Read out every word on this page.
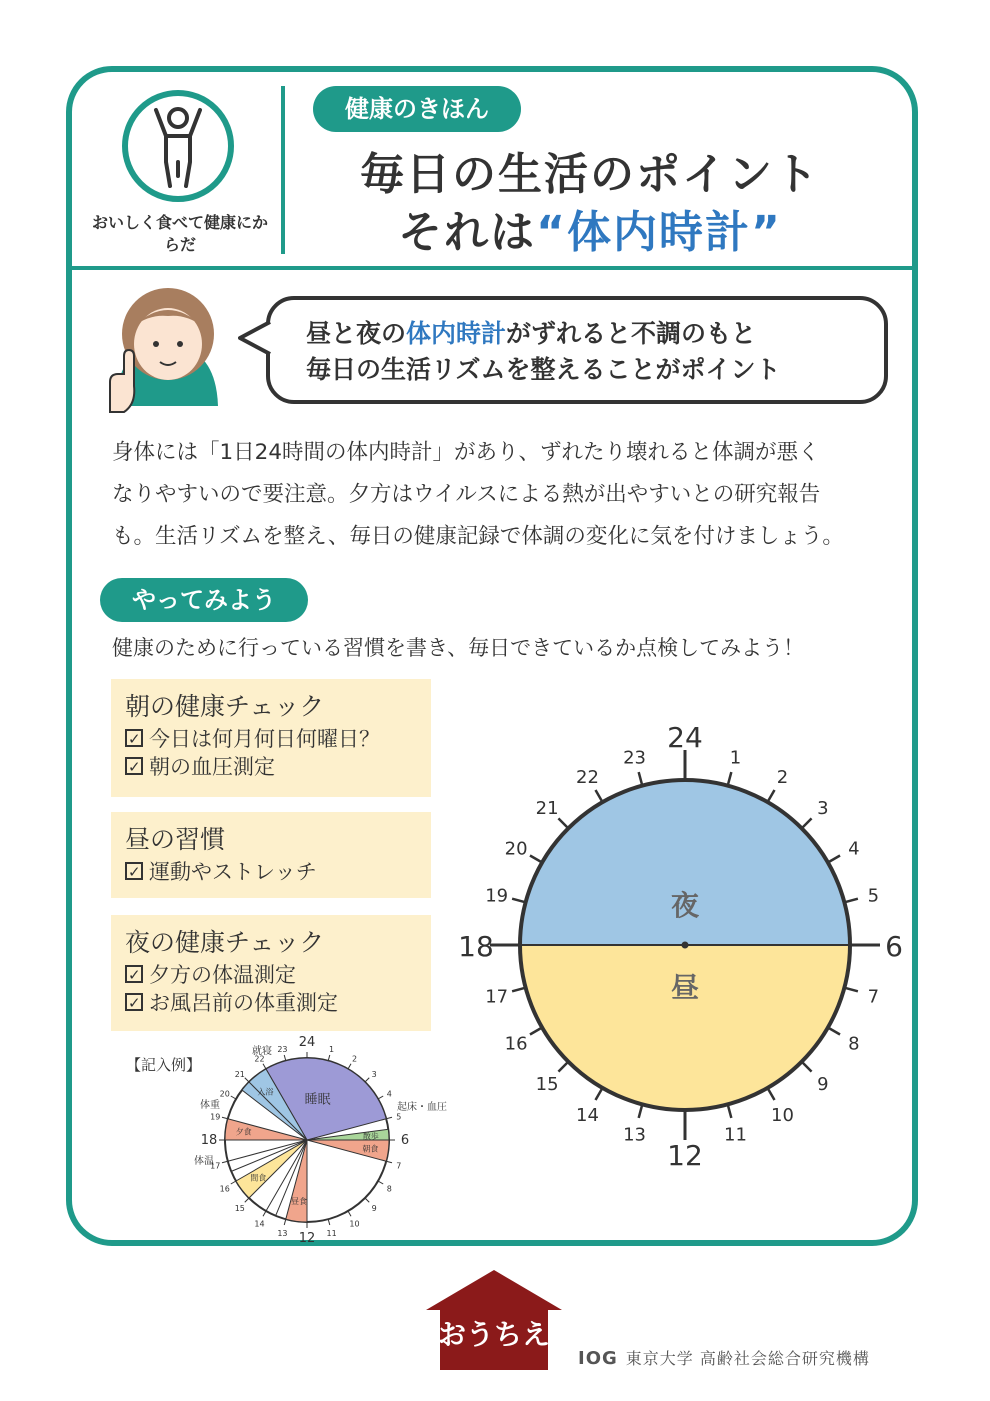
おいしく食べて健康にからだ
健康のきほん
毎日の生活のポイント
それは“体内時計”
昼と夜の体内時計がずれると不調のもと
毎日の生活リズムを整えることがポイント
身体には「1日24時間の体内時計」があり、ずれたり壊れると体調が悪く
なりやすいので要注意。夕方はウイルスによる熱が出やすいとの研究報告
も。生活リズムを整え、毎日の健康記録で体調の変化に気を付けましょう。
やってみよう
健康のために行っている習慣を書き、毎日できているか点検してみよう！
朝の健康チェック
✓今日は何月何日何曜日？
✓朝の血圧測定
昼の習慣
✓運動やストレッチ
夜の健康チェック
✓夕方の体温測定
✓お風呂前の体重測定
24
1
2
3
4
5
6
7
8
9
10
11
12
13
14
15
16
17
18
19
20
21
22
23
夜
昼
【記入例】
24 1
2
3
4
5
6
7
8
9
10
11
12
13
14
15
16
17
18
19
20
21
22
23
睡眠
入浴
夕食	散歩
朝食
昼食
間食
就寝
起床・血圧
体重
体温
おうちえ
IOG 東京大学 高齢社会総合研究機構
